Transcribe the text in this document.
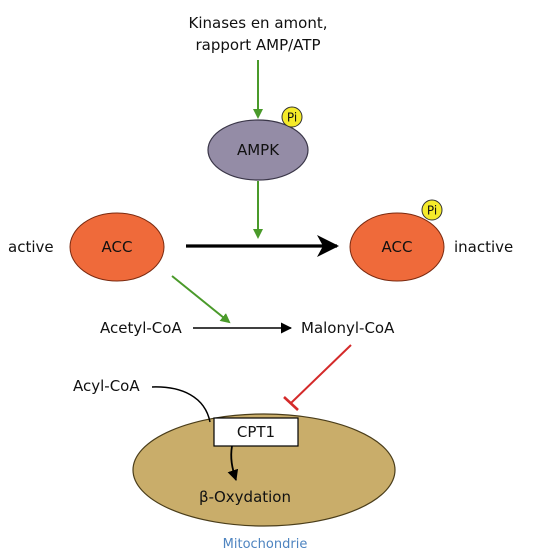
Kinases en amont,
rapport AMP/ATP
AMPK
Pi
active	ACC	ACC
Pi
inactive
Acetyl-CoA	Malonyl-CoA
Acyl-CoA
CPT1
β-Oxydation
Mitochondrie
